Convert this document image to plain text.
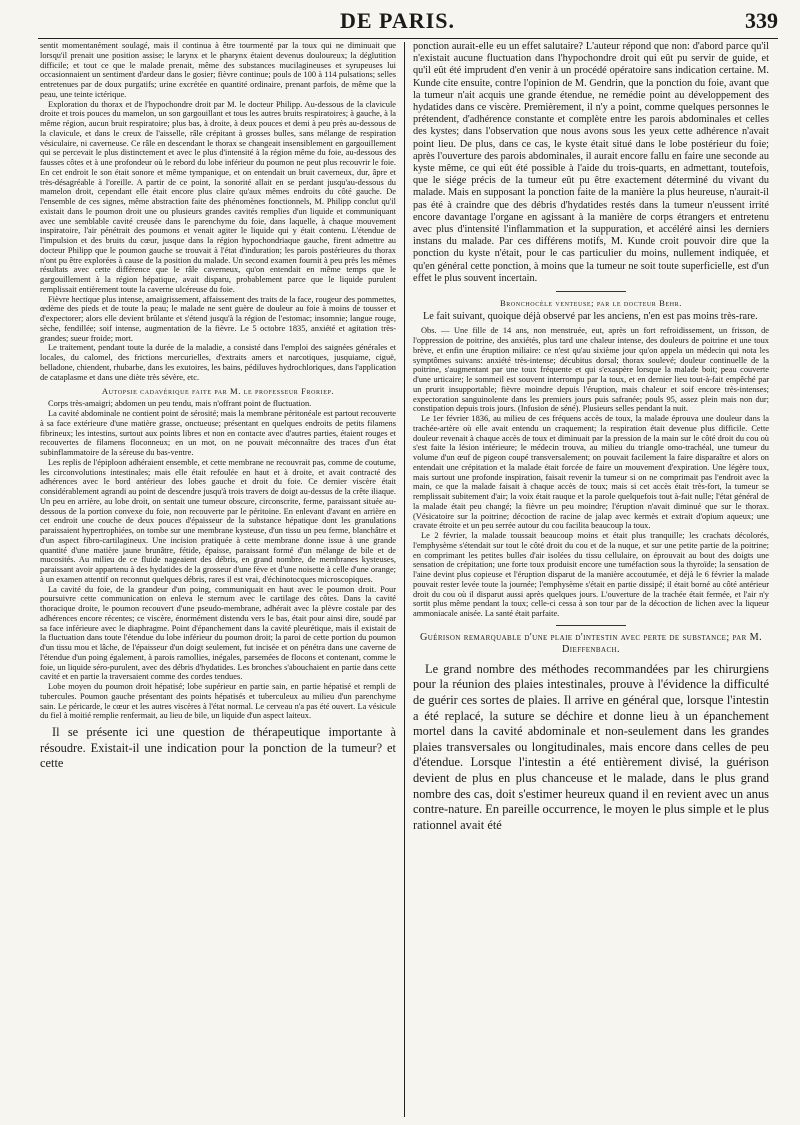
DE PARIS.	339

sentit momentanément soulagé, mais il continua à être tourmenté par la toux qui ne diminuait que lorsqu'il prenait une position assise; le larynx et le pharynx étaient devenus douloureux; la déglutition difficile; et tout ce que le malade prenait, même des substances mucilagineuses et syrupeuses lui occasionnaient un sentiment d'ardeur dans le gosier; fièvre continue; pouls de 100 à 114 pulsations; selles entretenues par de doux purgatifs; urine excrétée en quantité ordinaire, prenant parfois, de même que la peau, une teinte ictérique.

Exploration du thorax et de l'hypochondre droit par M. le docteur Philipp. Au-dessous de la clavicule droite et trois pouces du mamelon, un son gargouillant et tous les autres bruits respiratoires; à gauche, à la même région, aucun bruit respiratoire; plus bas, à droite, à deux pouces et demi à peu près au-dessous de la clavicule, et dans le creux de l'aisselle, râle crépitant à grosses bulles, sans mélange de respiration vésiculaire, ni caverneuse. Ce râle en descendant le thorax se changeait insensiblement en gargouillement qui se percevait le plus distinctement et avec le plus d'intensité à la région même du foie, au-dessous des fausses côtes et à une profondeur où le rebord du lobe inférieur du poumon ne peut plus recouvrir le foie. En cet endroit le son était sonore et même tympanique, et on entendait un bruit caverneux, dur, âpre et très-désagréable à l'oreille. A partir de ce point, la sonorité allait en se perdant jusqu'au-dessous du mamelon droit, cependant elle était encore plus claire qu'aux mêmes endroits du côté gauche. De l'ensemble de ces signes, même abstraction faite des phénomènes fonctionnels, M. Philipp conclut qu'il existait dans le poumon droit une ou plusieurs grandes cavités remplies d'un liquide et communiquant avec une semblable cavité creusée dans le parenchyme du foie, dans laquelle, à chaque mouvement inspiratoire, l'air pénétrait des poumons et venait agiter le liquide qui y était contenu. L'étendue de l'impulsion et des bruits du cœur, jusque dans la région hypochondriaque gauche, firent admettre au docteur Philipp que le poumon gauche se trouvait à l'état d'induration; les parois postérieures du thorax n'ont pu être explorées à cause de la position du malade. Un second examen fournit à peu près les mêmes résultats avec cette différence que le râle caverneux, qu'on entendait en même temps que le gargouillement à la région hépatique, avait disparu, probablement parce que le liquide purulent remplissait entièrement toute la caverne ulcéreuse du foie.

Fièvre hectique plus intense, amaigrissement, affaissement des traits de la face, rougeur des pommettes, œdème des pieds et de toute la peau; le malade ne sent guère de douleur au foie à moins de tousser et d'expectorer; alors elle devient brûlante et s'étend jusqu'à la région de l'estomac; insomnie; langue rouge, sèche, fendillée; soif intense, augmentation de la fièvre. Le 5 octobre 1835, anxiété et agitation très-grandes; sueur froide; mort.

Le traitement, pendant toute la durée de la maladie, a consisté dans l'emploi des saignées générales et locales, du calomel, des frictions mercurielles, d'extraits amers et narcotiques, jusquiame, ciguë, belladone, chiendent, rhubarbe, dans les exutoires, les bains, pédiluves hydrochloriques, dans l'application de cataplasme et dans une diète très sévère, etc.

Autopsie cadavérique faite par M. le professeur Froriep.

Corps très-amaigri; abdomen un peu tendu, mais n'offrant point de fluctuation.

La cavité abdominale ne contient point de sérosité; mais la membrane péritonéale est partout recouverte à sa face extérieure d'une matière grasse, onctueuse; présentant en quelques endroits de petits filamens fibrineux; les intestins, surtout aux points libres et non en contacte avec d'autres parties, étaient rouges et recouvertes de filamens floconneux; en un mot, on ne pouvait méconnaître des traces d'un état subinflammatoire de la séreuse du bas-ventre.

Les replis de l'épiploon adhéraient ensemble, et cette membrane ne recouvrait pas, comme de coutume, les circonvolutions intestinales; mais elle était refoulée en haut et à droite, et avait contracté des adhérences avec le bord antérieur des lobes gauche et droit du foie. Ce dernier viscère était considérablement agrandi au point de descendre jusqu'à trois travers de doigt au-dessus de la crête iliaque. Un peu en arrière, au lobe droit, on sentait une tumeur obscure, circonscrite, ferme, paraissant située au-dessous de la portion convexe du foie, non recouverte par le péritoine. En enlevant d'avant en arrière en cet endroit une couche de deux pouces d'épaisseur de la substance hépatique dont les granulations paraissaient hypertrophiées, on tombe sur une membrane kysteuse, d'un tissu un peu ferme, blanchâtre et d'un aspect fibro-cartilagineux. Une incision pratiquée à cette membrane donne issue à une grande quantité d'une matière jaune brunâtre, fétide, épaisse, paraissant formé d'un mélange de bile et de mucosités. Au milieu de ce fluide nageaient des débris, en grand nombre, de membranes kysteuses, paraissant avoir appartenu à des hydatides de la grosseur d'une fève et d'une noisette à celle d'une orange; à un examen attentif on reconnut quelques débris, rares il est vrai, d'échinotocques microscopiques.

La cavité du foie, de la grandeur d'un poing, communiquait en haut avec le poumon droit. Pour poursuivre cette communication on enleva le sternum avec le cartilage des côtes. Dans la cavité thoracique droite, le poumon recouvert d'une pseudo-membrane, adhérait avec la plèvre costale par des adhérences encore récentes; ce viscère, énormément distendu vers le bas, était pour ainsi dire, soudé par sa face inférieure avec le diaphragme. Point d'épanchement dans la cavité pleurétique, mais il existait de la fluctuation dans toute l'étendue du lobe inférieur du poumon droit; la paroi de cette portion du poumon d'un tissu mou et lâche, de l'épaisseur d'un doigt seulement, fut incisée et on pénétra dans une caverne de l'étendue d'un poing également, à parois ramollies, inégales, parsemées de flocons et contenant, comme le foie, un liquide séro-purulent, avec des débris d'hydatides. Les bronches s'abouchaient en partie dans cette cavité et en partie la traversaient comme des cordes tendues.

Lobe moyen du poumon droit hépatisé; lobe supérieur en partie sain, en partie hépatisé et rempli de tubercules. Poumon gauche présentant des points hépatisés et tuberculeux au milieu d'un parenchyme sain. Le péricarde, le cœur et les autres viscères à l'état normal. Le cerveau n'a pas été ouvert. La vésicule du fiel à moitié remplie renfermait, au lieu de bile, un liquide d'un aspect laiteux.

Il se présente ici une question de thérapeutique importante à résoudre. Existait-il une indication pour la ponction de la tumeur? et cette

ponction aurait-elle eu un effet salutaire? L'auteur répond que non: d'abord parce qu'il n'existait aucune fluctuation dans l'hypochondre droit qui eût pu servir de guide, et qu'il eût été imprudent d'en venir à un procédé opératoire sans indication certaine. M. Kunde cite ensuite, contre l'opinion de M. Gendrin, que la ponction du foie, avant que la tumeur n'ait acquis une grande étendue, ne remédie point au développement des hydatides dans ce viscère. Premièrement, il n'y a point, comme quelques personnes le prétendent, d'adhérence constante et complète entre les parois abdominales et celles des kystes; dans l'observation que nous avons sous les yeux cette adhérence n'avait point lieu. De plus, dans ce cas, le kyste était situé dans le lobe postérieur du foie; après l'ouverture des parois abdominales, il aurait encore fallu en faire une seconde au kyste même, ce qui eût été possible à l'aide du trois-quarts, en admettant, toutefois, que le siége précis de la tumeur eût pu être exactement déterminé du vivant du malade. Mais en supposant la ponction faite de la manière la plus heureuse, n'aurait-il pas été à craindre que des débris d'hydatides restés dans la tumeur n'eussent irrité encore davantage l'organe en agissant à la manière de corps étrangers et entretenu avec plus d'intensité l'inflammation et la suppuration, et accéléré ainsi les derniers instans du malade. Par ces différens motifs, M. Kunde croit pouvoir dire que la ponction du kyste n'était, pour le cas particulier du moins, nullement indiquée, et qu'en général cette ponction, à moins que la tumeur ne soit toute superficielle, est d'un effet le plus souvent incertain.

Bronchocèle venteuse; par le docteur Behr.

Le fait suivant, quoique déjà observé par les anciens, n'en est pas moins très-rare.

Obs. — Une fille de 14 ans, non menstruée, eut, après un fort refroidissement, un frisson, de l'oppression de poitrine, des anxiétés, plus tard une chaleur intense, des douleurs de poitrine et une toux brève, et enfin une éruption miliaire: ce n'est qu'au sixième jour qu'on appela un médecin qui nota les symptômes suivans: anxiété très-intense; décubitus dorsal; thorax soulevé; douleur continuelle de la poitrine, s'augmentant par une toux fréquente et qui s'exaspère lorsque la malade boit; peau couverte d'une urticaire; le sommeil est souvent interrompu par la toux, et en dernier lieu tout-à-fait empêché par un prurit insupportable; fièvre moindre depuis l'éruption, mais chaleur et soif encore très-intenses; expectoration sanguinolente dans les premiers jours puis safranée; pouls 95, assez plein mais non dur; constipation depuis trois jours. (Infusion de séné). Plusieurs selles pendant la nuit.

Le 1er février 1836, au milieu de ces fréquens accès de toux, la malade éprouva une douleur dans la trachée-artère où elle avait entendu un craquement; la respiration était devenue plus difficile. Cette douleur revenait à chaque accès de toux et diminuait par la pression de la main sur le côté droit du cou où s'est faite la lésion intérieure; le médecin trouva, au milieu du triangle omo-trachéal, une tumeur du volume d'un œuf de pigeon coupé transversalement; on pouvait facilement la faire disparaître et alors on entendait une crépitation et la malade était forcée de faire un mouvement d'expiration. Une légère toux, mais surtout une profonde inspiration, faisait revenir la tumeur si on ne comprimait pas l'endroit avec la main, ce que la malade faisait à chaque accès de toux; mais si cet accès était très-fort, la tumeur se remplissait subitement d'air; la voix était rauque et la parole quelquefois tout à-fait nulle; l'état général de la malade était peu changé; la fièvre un peu moindre; l'éruption n'avait diminué que sur le thorax. (Vésicatoire sur la poitrine; décoction de racine de jalap avec kermès et extrait d'opium aqueux; une cravate étroite et un peu serrée autour du cou facilita beaucoup la toux.

Le 2 février, la malade toussait beaucoup moins et était plus tranquille; les crachats décolorés, l'emphysème s'étendait sur tout le côté droit du cou et de la nuque, et sur une petite partie de la poitrine; en comprimant les petites bulles d'air isolées du tissu cellulaire, on éprouvait au bout des doigts une sensation de crépitation; une forte toux produisit encore une tuméfaction sous la thyroïde; la sensation de l'aine devint plus copieuse et l'éruption disparut de la manière accoutumée, et déjà le 6 février la malade pouvait rester levée toute la journée; l'emphysème s'était en partie dissipé; il était borné au côté antérieur droit du cou où il disparut aussi après quelques jours. L'ouverture de la trachée était fermée, et l'air n'y sortit plus même pendant la toux; celle-ci cessa à son tour par de la décoction de lichen avec la liqueur ammoniacale anisée. La santé était parfaite.

Guérison remarquable d'une plaie d'intestin avec perte de substance; par M. Dieffenbach.

Le grand nombre des méthodes recommandées par les chirurgiens pour la réunion des plaies intestinales, prouve à l'évidence la difficulté de guérir ces sortes de plaies. Il arrive en général que, lorsque l'intestin a été replacé, la suture se déchire et donne lieu à un épanchement mortel dans la cavité abdominale et non-seulement dans les grandes plaies transversales ou longitudinales, mais encore dans celles de peu d'étendue. Lorsque l'intestin a été entièrement divisé, la guérison devient de plus en plus chanceuse et le malade, dans le plus grand nombre des cas, doit s'estimer heureux quand il en revient avec un anus contre-nature. En pareille occurrence, le moyen le plus simple et le plus rationnel avait été
